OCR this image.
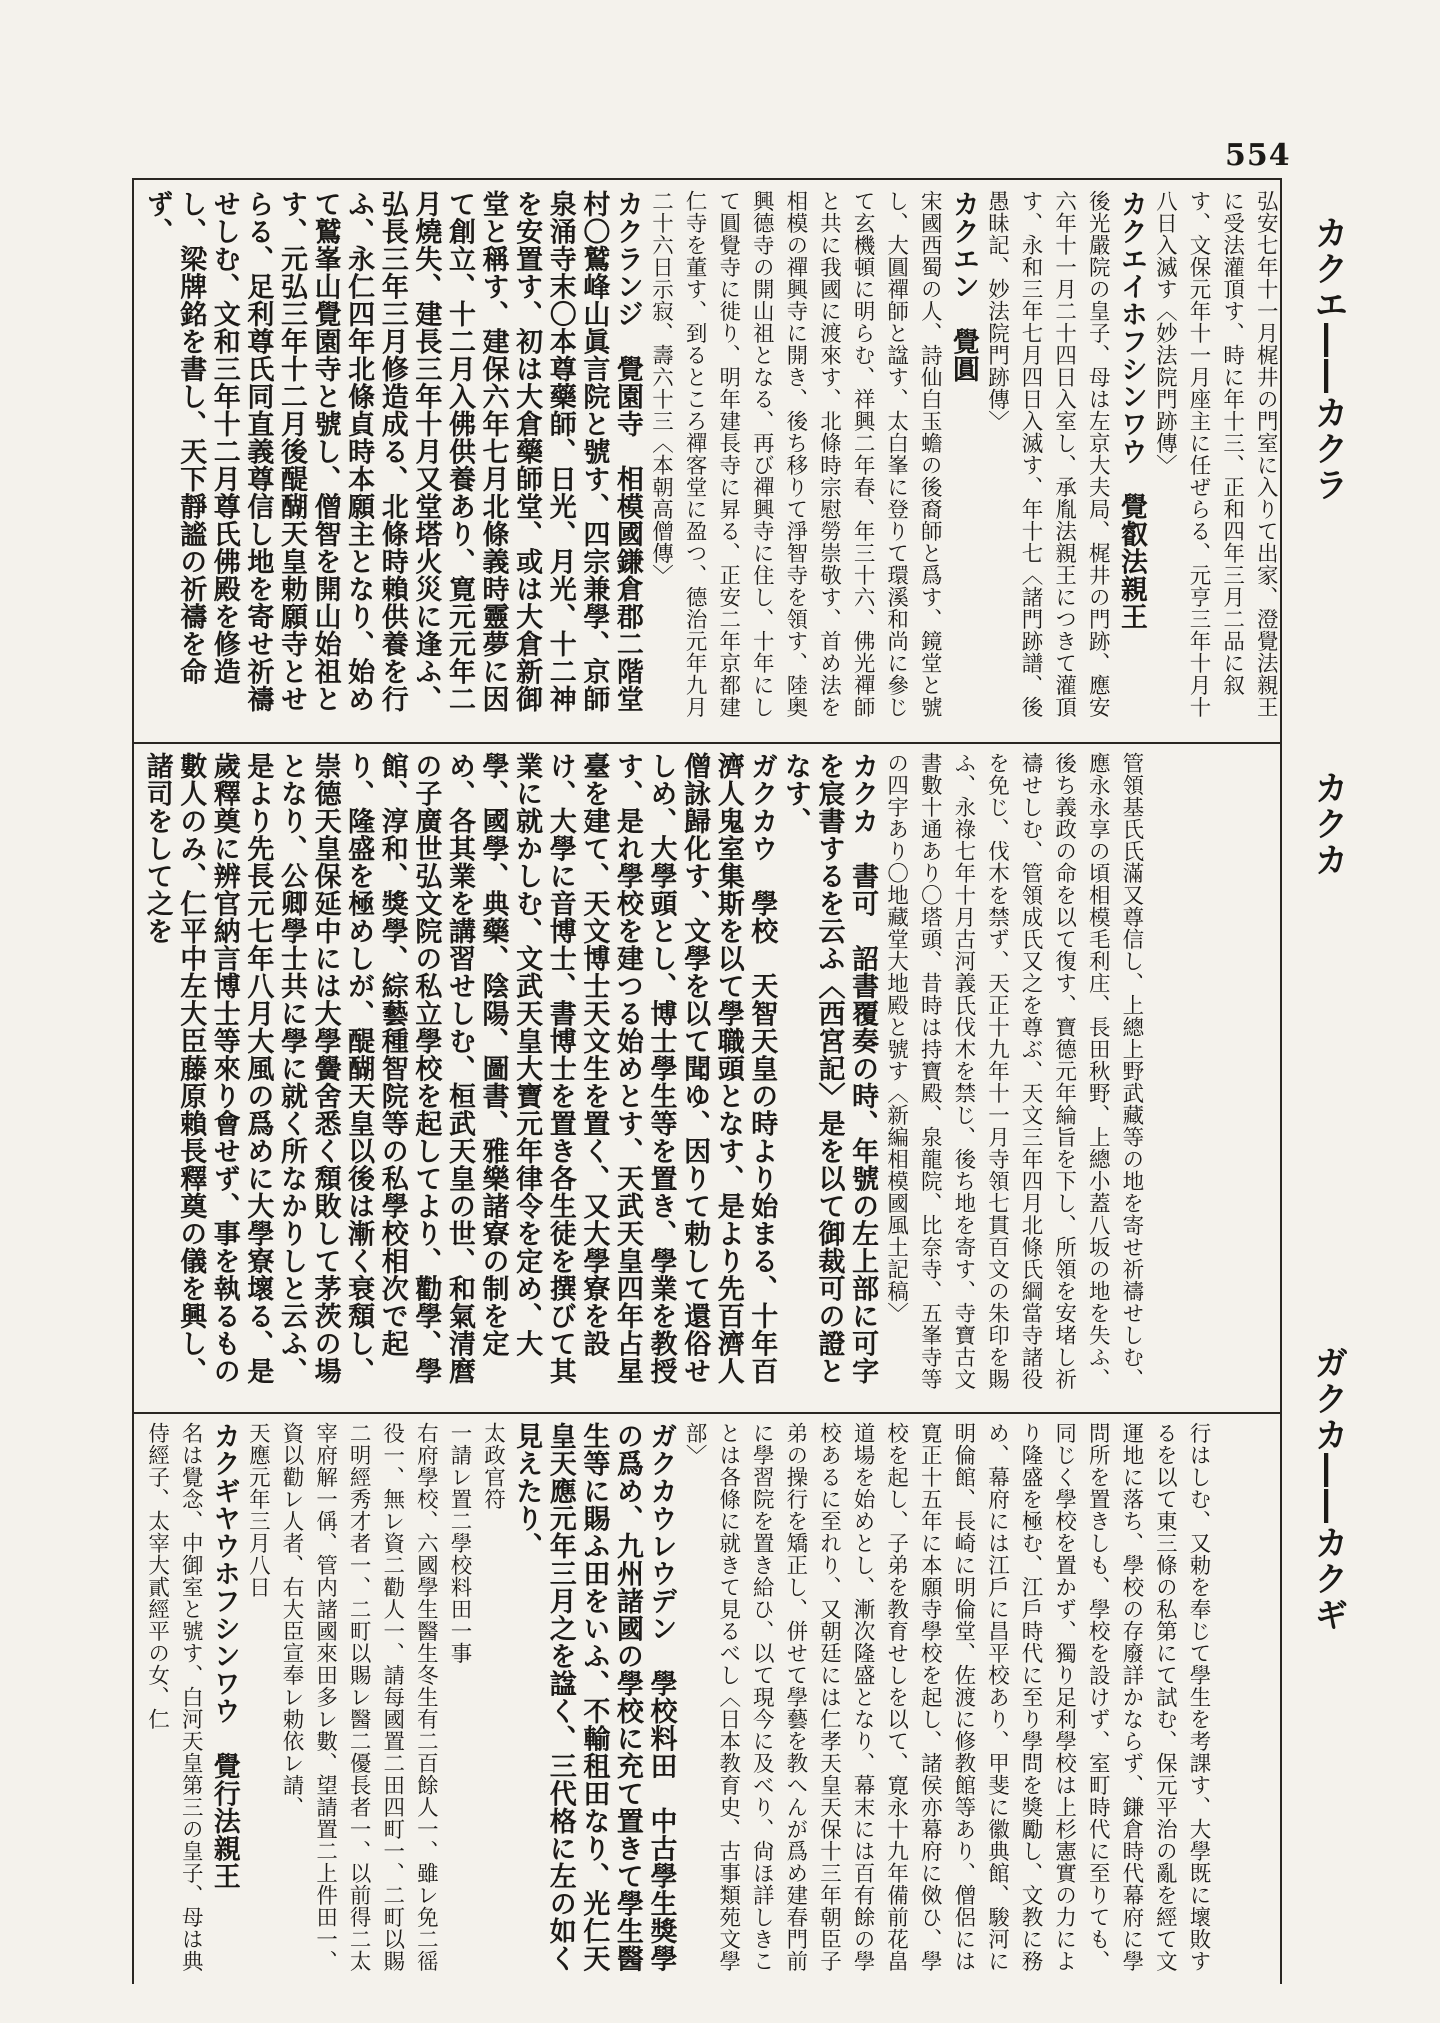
554
カクエ――カクラ
カクカ
ガクカ――カクギ
弘安七年十一月梶井の門室に入りて出家、澄覺法親王に受法灌頂す、時に年十三、正和四年三月二品に叙す、文保元年十一月座主に任ぜらる、元亨三年十月十八日入滅す〈妙法院門跡傳〉
カクエイホフシンワウ　覺叡法親王
後光嚴院の皇子、母は左京大夫局、梶井の門跡、應安六年十一月二十四日入室し、承胤法親王につきて灌頂す、永和三年七月四日入滅す、年十七〈諸門跡譜、後愚昧記、妙法院門跡傳〉
カクエン　覺圓
宋國西蜀の人、詩仙白玉蟾の後裔師と爲す、鏡堂と號し、大圓禪師と諡す、太白峯に登りて環溪和尚に參じて玄機頓に明らむ、祥興二年春、年三十六、佛光禪師と共に我國に渡來す、北條時宗慰勞崇敬す、首め法を相模の禪興寺に開き、後ち移りて淨智寺を領す、陸奥興德寺の開山祖となる、再び禪興寺に住し、十年にして圓覺寺に徙り、明年建長寺に昇る、正安二年京都建仁寺を董す、到るところ禪客堂に盈つ、德治元年九月二十六日示寂、壽六十三〈本朝高僧傳〉
カクランジ　覺園寺　相模國鎌倉郡二階堂村〇鷲峰山眞言院と號す、四宗兼學、京師泉涌寺末〇本尊藥師、日光、月光、十二神を安置す、初は大倉藥師堂、或は大倉新御堂と稱す、建保六年七月北條義時靈夢に因て創立、十二月入佛供養あり、寛元元年二月燒失、建長三年十月又堂塔火災に逢ふ、弘長三年三月修造成る、北條時賴供養を行ふ、永仁四年北條貞時本願主となり、始めて鷲峯山覺園寺と號し、僧智を開山始祖とす、元弘三年十二月後醍醐天皇勅願寺とせらる、足利尊氏同直義尊信し地を寄せ祈禱せしむ、文和三年十二月尊氏佛殿を修造し、梁牌銘を書し、天下靜謐の祈禱を命ず、
管領基氏氏滿又尊信し、上總上野武藏等の地を寄せ祈禱せしむ、應永永享の頃相模毛利庄、長田秋野、上總小蓋八坂の地を失ふ、後ち義政の命を以て復す、寶德元年綸旨を下し、所領を安堵し祈禱せしむ、管領成氏又之を尊ぶ、天文三年四月北條氏綱當寺諸役を免じ、伐木を禁ず、天正十九年十一月寺領七貫百文の朱印を賜ふ、永祿七年十月古河義氏伐木を禁じ、後ち地を寄す、寺寶古文書數十通あり〇塔頭、昔時は持寶殿、泉龍院、比奈寺、五峯寺等の四宇あり〇地藏堂大地殿と號す〈新編相模國風土記稿〉
カクカ　書可　詔書覆奏の時、年號の左上部に可字を宸書するを云ふ〈西宮記〉是を以て御裁可の證となす、
ガクカウ　學校　天智天皇の時より始まる、十年百濟人鬼室集斯を以て學職頭となす、是より先百濟人僧詠歸化す、文學を以て聞ゆ、因りて勅して還俗せしめ、大學頭とし、博士學生等を置き、學業を教授す、是れ學校を建つる始めとす、天武天皇四年占星臺を建て、天文博士天文生を置く、又大學寮を設け、大學に音博士、書博士を置き各生徒を撰びて其業に就かしむ、文武天皇大寶元年律令を定め、大學、國學、典藥、陰陽、圖書、雅樂諸寮の制を定め、各其業を講習せしむ、桓武天皇の世、和氣清麿の子廣世弘文院の私立學校を起してより、勸學、學館、淳和、獎學、綜藝種智院等の私學校相次で起り、隆盛を極めしが、醍醐天皇以後は漸く衰頽し、崇德天皇保延中には大學黌舍悉く頽敗して茅茨の場となり、公卿學士共に學に就く所なかりしと云ふ、是より先長元七年八月大風の爲めに大學寮壞る、是歲釋奠に辨官納言博士等來り會せず、事を執るもの數人のみ、仁平中左大臣藤原賴長釋奠の儀を興し、諸司をして之を
行はしむ、又勅を奉じて學生を考課す、大學既に壞敗するを以て東三條の私第にて試む、保元平治の亂を經て文運地に落ち、學校の存廢詳かならず、鎌倉時代幕府に學問所を置きしも、學校を設けず、室町時代に至りても、同じく學校を置かず、獨り足利學校は上杉憲實の力により隆盛を極む、江戶時代に至り學問を獎勵し、文教に務め、幕府には江戶に昌平校あり、甲斐に徽典館、駿河に明倫館、長崎に明倫堂、佐渡に修教館等あり、僧侶には寛正十五年に本願寺學校を起し、諸侯亦幕府に傚ひ、學校を起し、子弟を教育せしを以て、寛永十九年備前花畠道場を始めとし、漸次隆盛となり、幕末には百有餘の學校あるに至れり、又朝廷には仁孝天皇天保十三年朝臣子弟の操行を矯正し、併せて學藝を教へんが爲め建春門前に學習院を置き給ひ、以て現今に及べり、尙ほ詳しきことは各條に就きて見るべし〈日本教育史、古事類苑文學部〉
ガクカウレウデン　學校料田　中古學生獎學の爲め、九州諸國の學校に充て置きて學生醫生等に賜ふ田をいふ、不輸租田なり、光仁天皇天應元年三月之を諡く、三代格に左の如く見えたり、
太政官符
一請レ置二學校料田一事
右府學校、六國學生醫生冬生有二百餘人一、雖レ免二徭役一、無レ資二勸人一、請每國置二田四町一、二町以賜二明經秀才者一、二町以賜レ醫二優長者一、以前得二太宰府解一偁、管内諸國來田多レ數、望請置二上件田一、資以勸レ人者、右大臣宣奉レ勅依レ請、
天應元年三月八日
カクギヤウホフシンワウ　覺行法親王
名は覺念、中御室と號す、白河天皇第三の皇子、母は典侍經子、太宰大貳經平の女、仁
